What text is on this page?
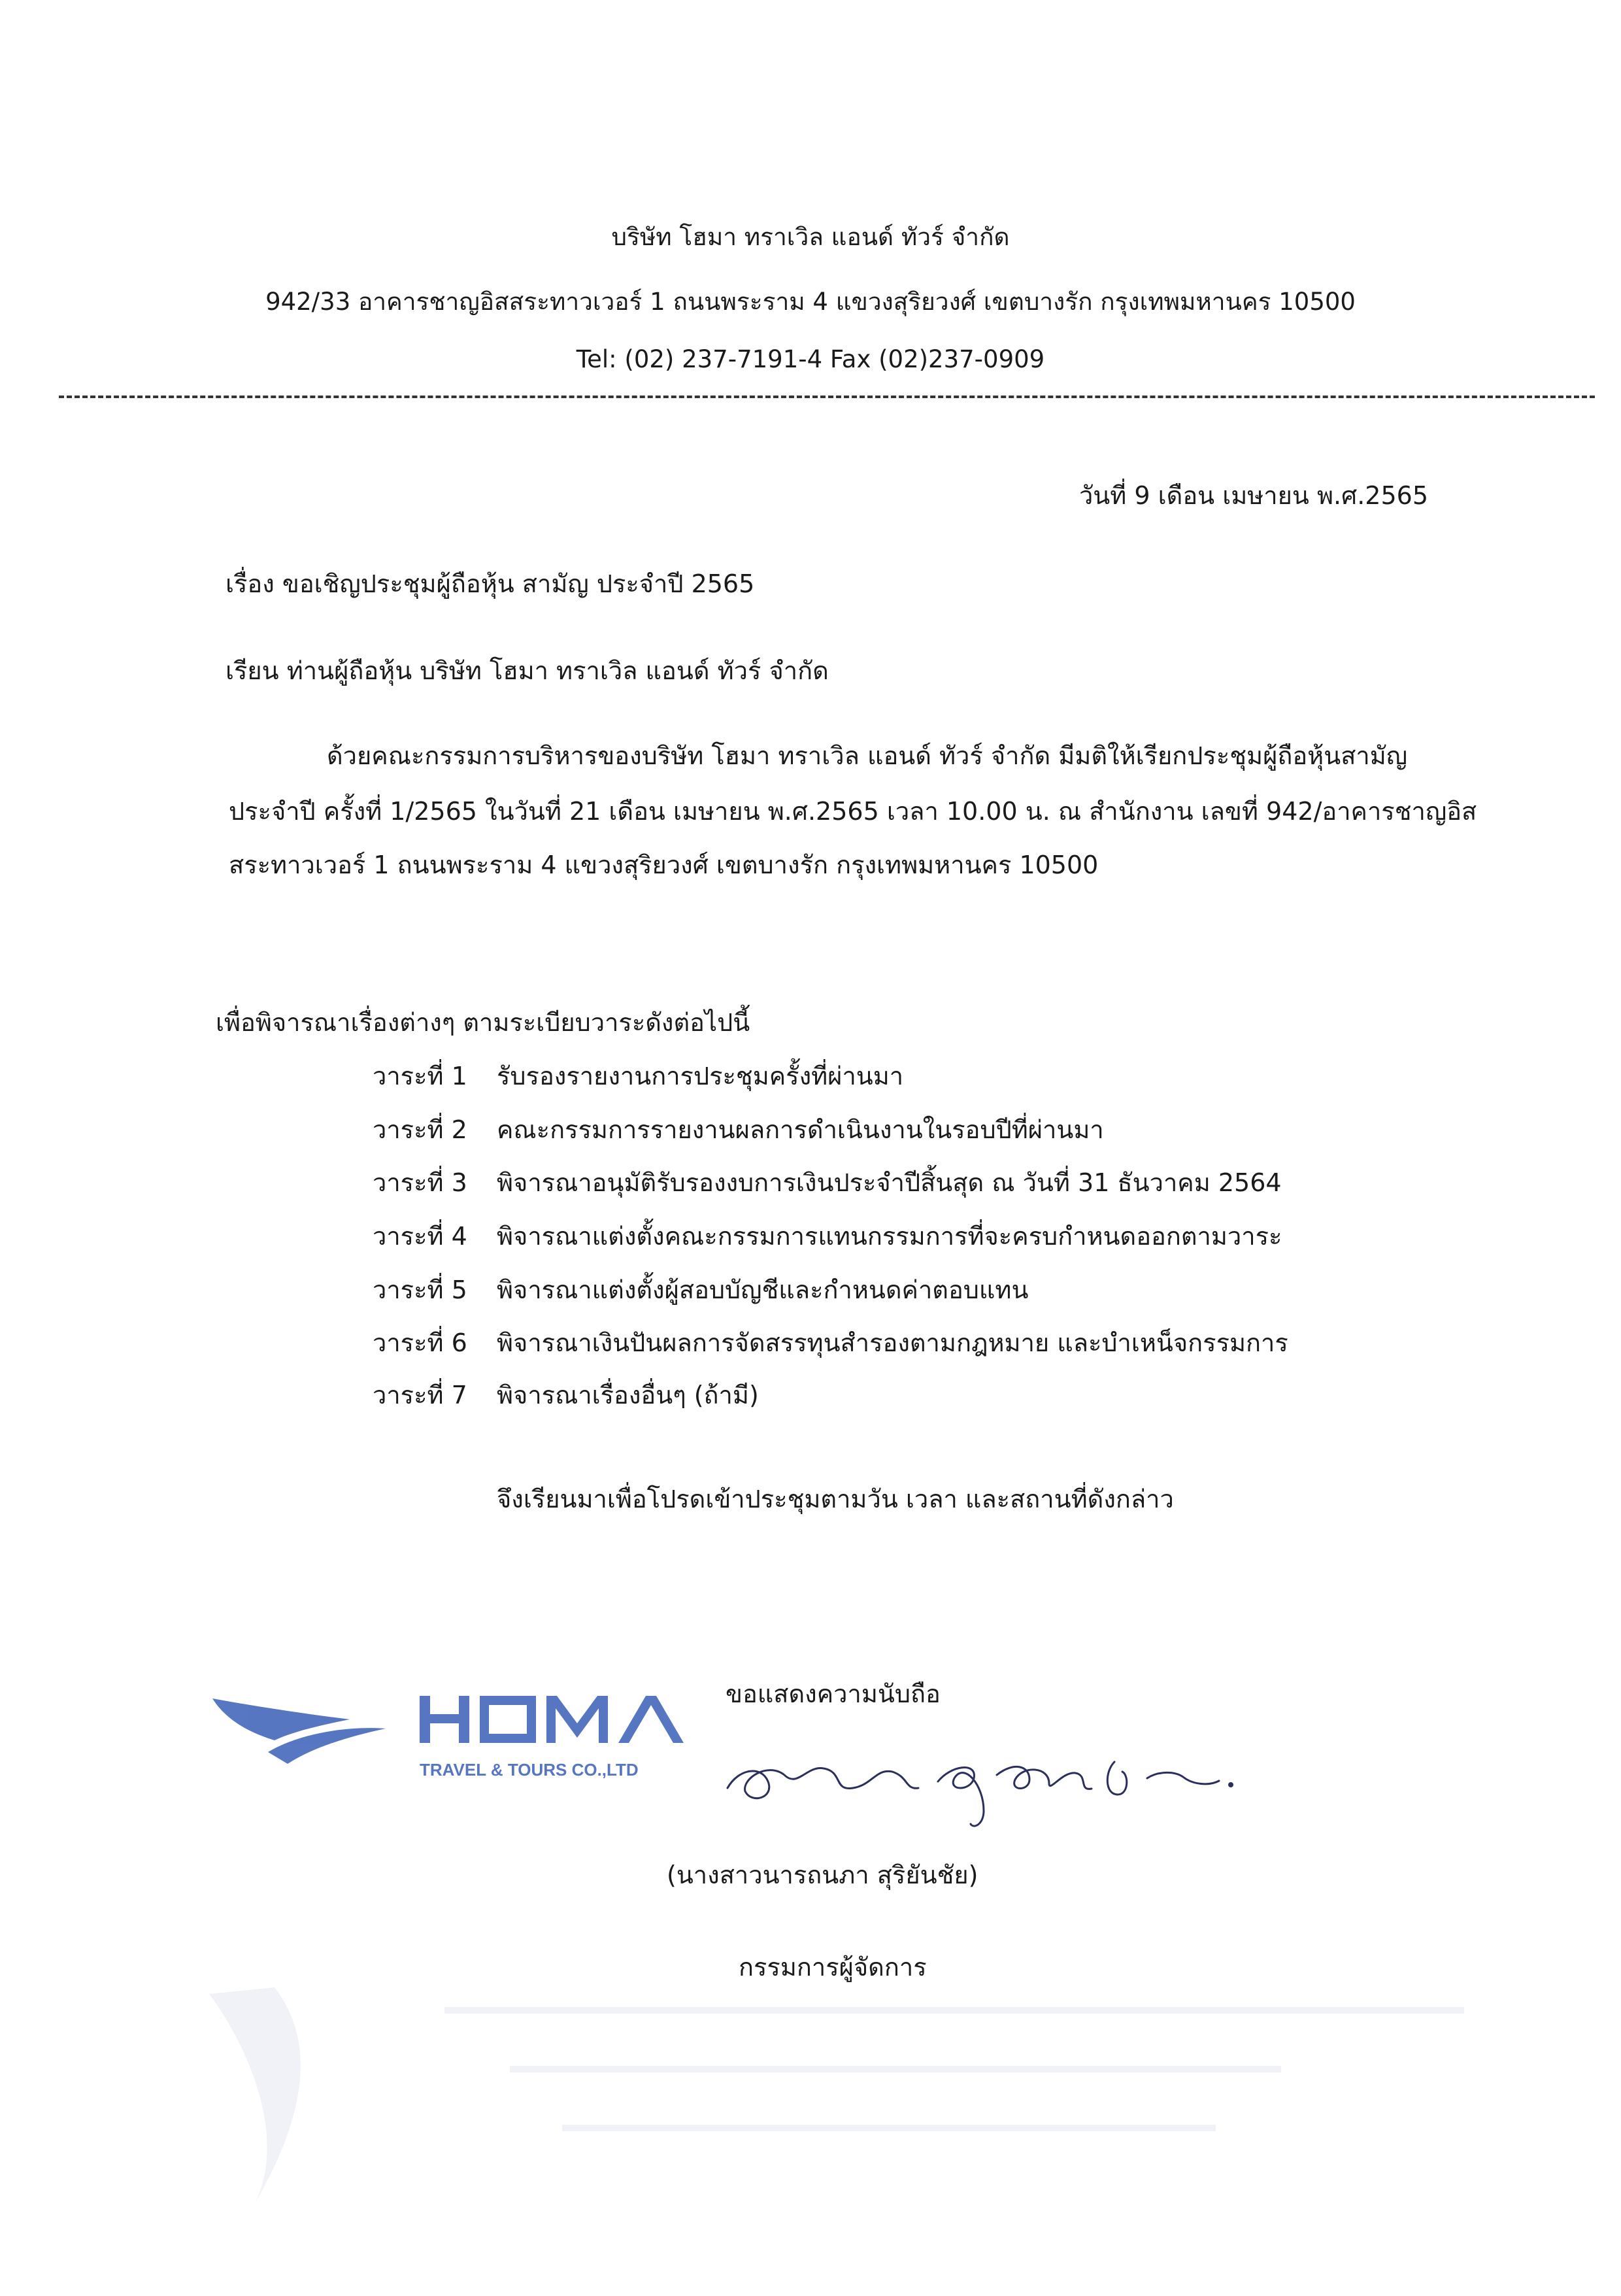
บริษัท โฮมา ทราเวิล แอนด์ ทัวร์ จำกัด
942/33 อาคารชาญอิสสระทาวเวอร์ 1 ถนนพระราม 4 แขวงสุริยวงศ์ เขตบางรัก กรุงเทพมหานคร 10500
Tel: (02) 237-7191-4 Fax (02)237-0909
วันที่ 9 เดือน เมษายน พ.ศ.2565
เรื่อง ขอเชิญประชุมผู้ถือหุ้น สามัญ ประจำปี 2565
เรียน ท่านผู้ถือหุ้น บริษัท โฮมา ทราเวิล แอนด์ ทัวร์ จำกัด
ด้วยคณะกรรมการบริหารของบริษัท โฮมา ทราเวิล แอนด์ ทัวร์ จำกัด มีมติให้เรียกประชุมผู้ถือหุ้นสามัญ
ประจำปี ครั้งที่ 1/2565 ในวันที่ 21 เดือน เมษายน พ.ศ.2565 เวลา 10.00 น. ณ สำนักงาน เลขที่ 942/อาคารชาญอิส
สระทาวเวอร์ 1 ถนนพระราม 4 แขวงสุริยวงศ์ เขตบางรัก กรุงเทพมหานคร 10500
เพื่อพิจารณาเรื่องต่างๆ ตามระเบียบวาระดังต่อไปนี้
วาระที่ 1 รับรองรายงานการประชุมครั้งที่ผ่านมา
วาระที่ 2 คณะกรรมการรายงานผลการดำเนินงานในรอบปีที่ผ่านมา
วาระที่ 3 พิจารณาอนุมัติรับรองงบการเงินประจำปีสิ้นสุด ณ วันที่ 31 ธันวาคม 2564
วาระที่ 4 พิจารณาแต่งตั้งคณะกรรมการแทนกรรมการที่จะครบกำหนดออกตามวาระ
วาระที่ 5 พิจารณาแต่งตั้งผู้สอบบัญชีและกำหนดค่าตอบแทน
วาระที่ 6 พิจารณาเงินปันผลการจัดสรรทุนสำรองตามกฎหมาย และบำเหน็จกรรมการ
วาระที่ 7 พิจารณาเรื่องอื่นๆ (ถ้ามี)
จึงเรียนมาเพื่อโปรดเข้าประชุมตามวัน เวลา และสถานที่ดังกล่าว
ขอแสดงความนับถือ
TRAVEL & TOURS CO.,LTD
(นางสาวนารถนภา สุริยันชัย)
กรรมการผู้จัดการ
